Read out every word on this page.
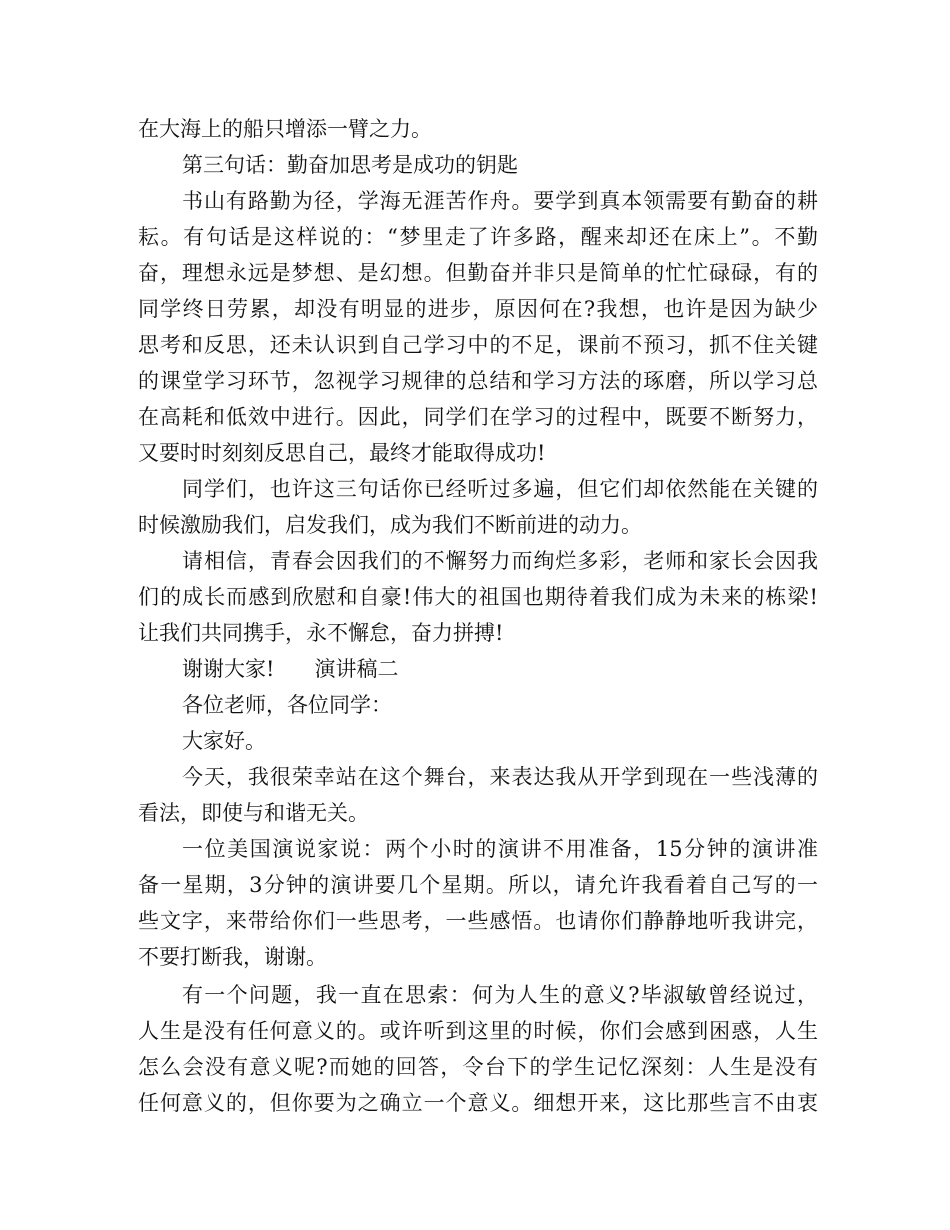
在大海上的船只增添一臂之力。
第三句话：勤奋加思考是成功的钥匙
书山有路勤为径，学海无涯苦作舟。要学到真本领需要有勤奋的耕
耘。有句话是这样说的：“梦里走了许多路，醒来却还在床上”。不勤
奋，理想永远是梦想、是幻想。但勤奋并非只是简单的忙忙碌碌，有的
同学终日劳累，却没有明显的进步，原因何在?我想，也许是因为缺少
思考和反思，还未认识到自己学习中的不足，课前不预习，抓不住关键
的课堂学习环节，忽视学习规律的总结和学习方法的琢磨，所以学习总
在高耗和低效中进行。因此，同学们在学习的过程中，既要不断努力，
又要时时刻刻反思自己，最终才能取得成功!
同学们，也许这三句话你已经听过多遍，但它们却依然能在关键的
时候激励我们，启发我们，成为我们不断前进的动力。
请相信，青春会因我们的不懈努力而绚烂多彩，老师和家长会因我
们的成长而感到欣慰和自豪!伟大的祖国也期待着我们成为未来的栋梁!
让我们共同携手，永不懈怠，奋力拼搏!
谢谢大家! 演讲稿二
各位老师，各位同学：
大家好。
今天，我很荣幸站在这个舞台，来表达我从开学到现在一些浅薄的
看法，即使与和谐无关。
一位美国演说家说：两个小时的演讲不用准备，15分钟的演讲准
备一星期，3分钟的演讲要几个星期。所以，请允许我看着自己写的一
些文字，来带给你们一些思考，一些感悟。也请你们静静地听我讲完，
不要打断我，谢谢。
有一个问题，我一直在思索：何为人生的意义?毕淑敏曾经说过，
人生是没有任何意义的。或许听到这里的时候，你们会感到困惑，人生
怎么会没有意义呢?而她的回答，令台下的学生记忆深刻：人生是没有
任何意义的，但你要为之确立一个意义。细想开来，这比那些言不由衷
